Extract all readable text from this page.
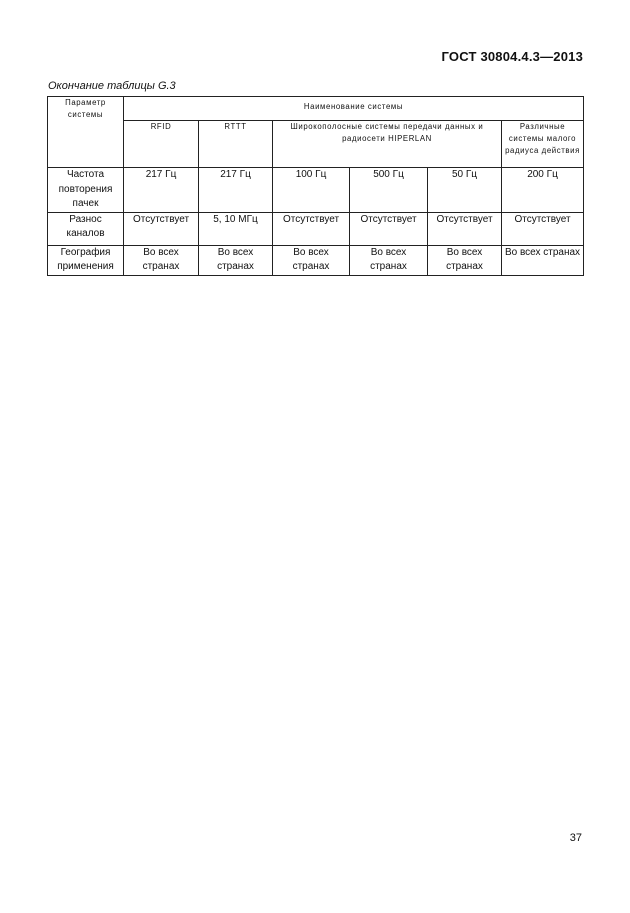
ГОСТ 30804.4.3—2013
Окончание таблицы G.3
Параметр системы	Наименование системы					
	RFID	RTTT	Широкополосные системы передачи данных и радиосети HIPERLAN			Различные системы малого радиуса действия
Частота повторения пачек	217 Гц	217 Гц	100 Гц	500 Гц	50 Гц	200 Гц
Разнос каналов	Отсутствует	5, 10 МГц	Отсутствует	Отсутствует	Отсутствует	Отсутствует
География применения	Во всех странах	Во всех странах	Во всех странах	Во всех странах	Во всех странах	Во всех странах
37
